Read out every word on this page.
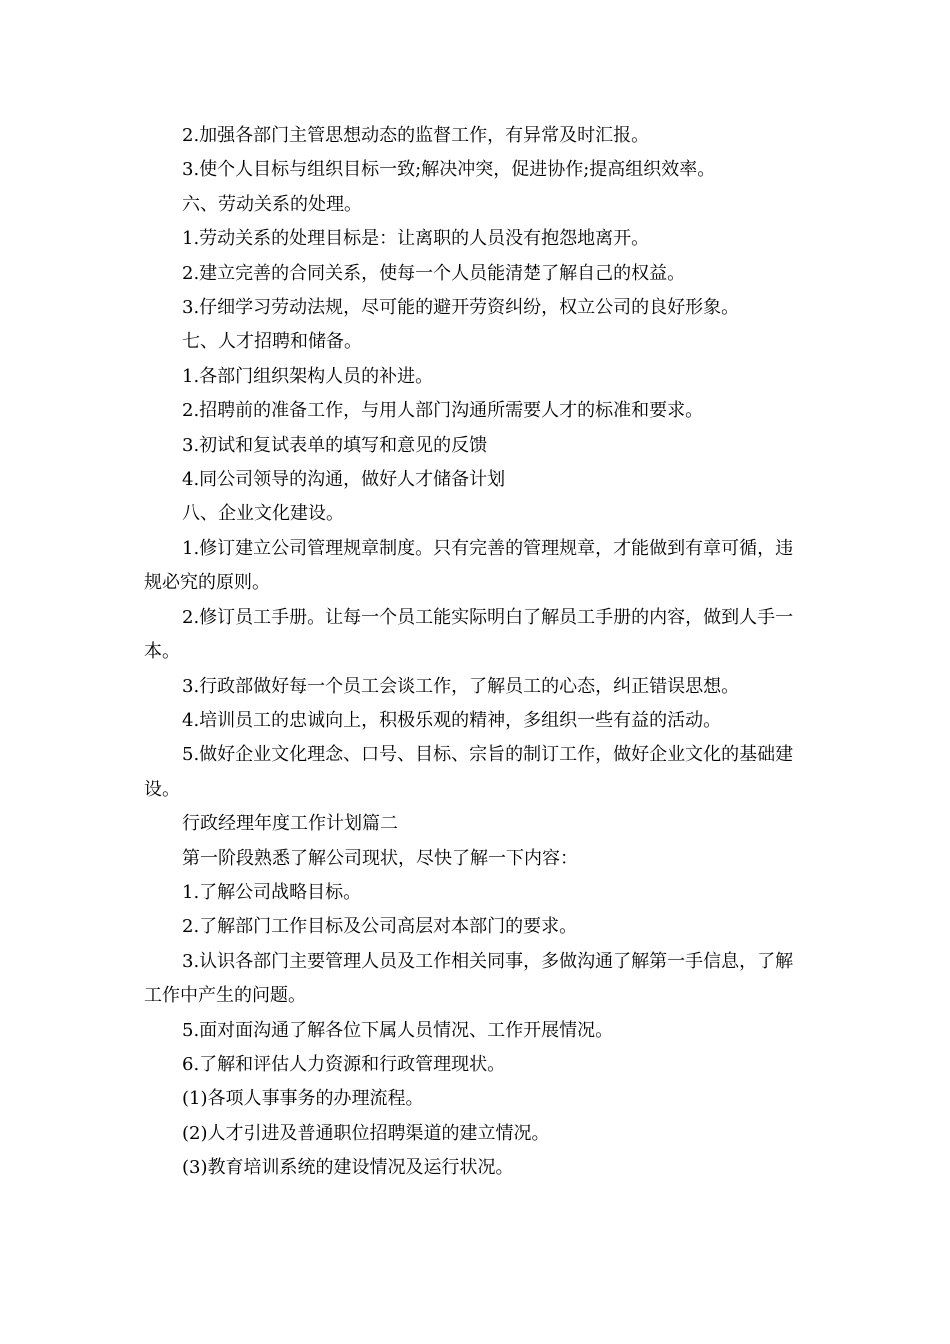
2.加强各部门主管思想动态的监督工作，有异常及时汇报。

3.使个人目标与组织目标一致;解决冲突，促进协作;提高组织效率。

六、劳动关系的处理。

1.劳动关系的处理目标是：让离职的人员没有抱怨地离开。

2.建立完善的合同关系，使每一个人员能清楚了解自己的权益。

3.仔细学习劳动法规，尽可能的避开劳资纠纷，权立公司的良好形象。

七、人才招聘和储备。

1.各部门组织架构人员的补进。

2.招聘前的准备工作，与用人部门沟通所需要人才的标准和要求。

3.初试和复试表单的填写和意见的反馈

4.同公司领导的沟通，做好人才储备计划

八、企业文化建设。

1.修订建立公司管理规章制度。只有完善的管理规章，才能做到有章可循，违规必究的原则。

2.修订员工手册。让每一个员工能实际明白了解员工手册的内容，做到人手一本。

3.行政部做好每一个员工会谈工作，了解员工的心态，纠正错误思想。

4.培训员工的忠诚向上，积极乐观的精神，多组织一些有益的活动。

5.做好企业文化理念、口号、目标、宗旨的制订工作，做好企业文化的基础建设。

行政经理年度工作计划篇二

第一阶段熟悉了解公司现状，尽快了解一下内容：

1.了解公司战略目标。

2.了解部门工作目标及公司高层对本部门的要求。

3.认识各部门主要管理人员及工作相关同事，多做沟通了解第一手信息，了解工作中产生的问题。

5.面对面沟通了解各位下属人员情况、工作开展情况。

6.了解和评估人力资源和行政管理现状。

(1)各项人事事务的办理流程。

(2)人才引进及普通职位招聘渠道的建立情况。

(3)教育培训系统的建设情况及运行状况。
